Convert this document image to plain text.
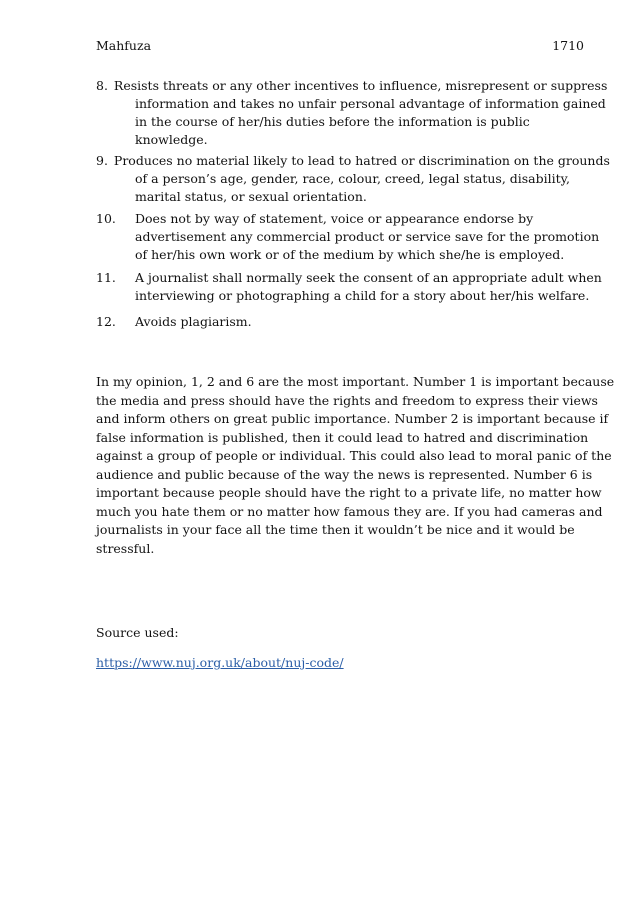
Mahfuza	1710
8. Resists threats or any other incentives to influence, misrepresent or suppress
information and takes no unfair personal advantage of information gained
in the course of her/his duties before the information is public
knowledge.
9. Produces no material likely to lead to hatred or discrimination on the grounds
of a person’s age, gender, race, colour, creed, legal status, disability,
marital status, or sexual orientation.
10.	Does not by way of statement, voice or appearance endorse by
advertisement any commercial product or service save for the promotion
of her/his own work or of the medium by which she/he is employed.
11.	A journalist shall normally seek the consent of an appropriate adult when
interviewing or photographing a child for a story about her/his welfare.
12.	Avoids plagiarism.
In my opinion, 1, 2 and 6 are the most important. Number 1 is important because
the media and press should have the rights and freedom to express their views
and inform others on great public importance. Number 2 is important because if
false information is published, then it could lead to hatred and discrimination
against a group of people or individual. This could also lead to moral panic of the
audience and public because of the way the news is represented. Number 6 is
important because people should have the right to a private life, no matter how
much you hate them or no matter how famous they are. If you had cameras and
journalists in your face all the time then it wouldn’t be nice and it would be
stressful.
Source used:
https://www.nuj.org.uk/about/nuj-code/
